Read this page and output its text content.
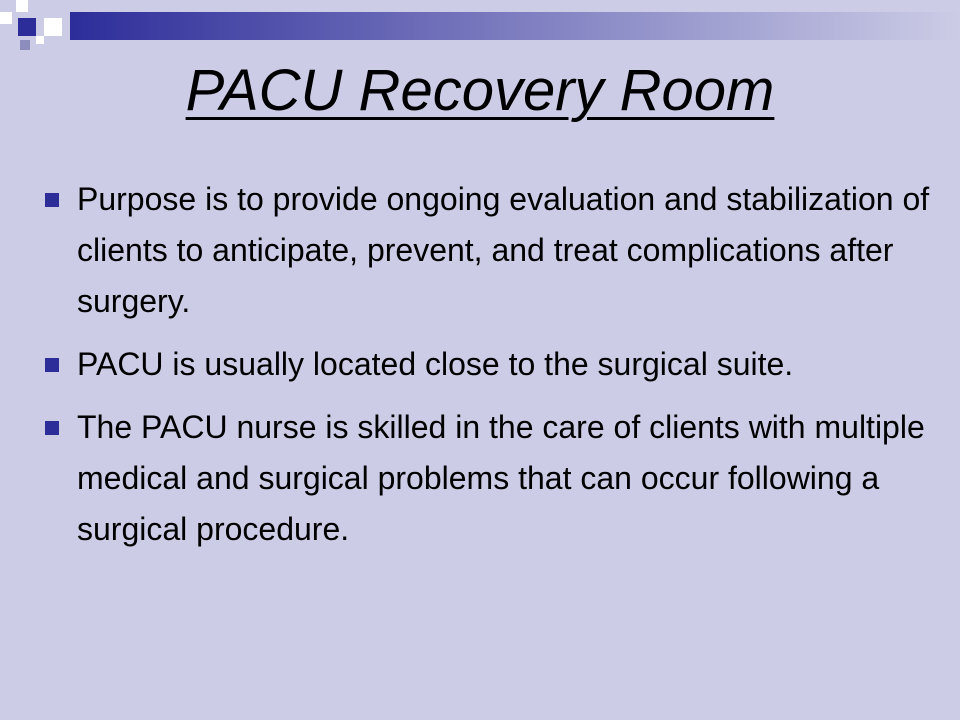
PACU Recovery Room
Purpose is to provide ongoing evaluation and stabilization of clients to anticipate, prevent, and treat complications after surgery.
PACU is usually located close to the surgical suite.
The PACU nurse is skilled in the care of clients with multiple medical and surgical problems that can occur following a surgical procedure.
